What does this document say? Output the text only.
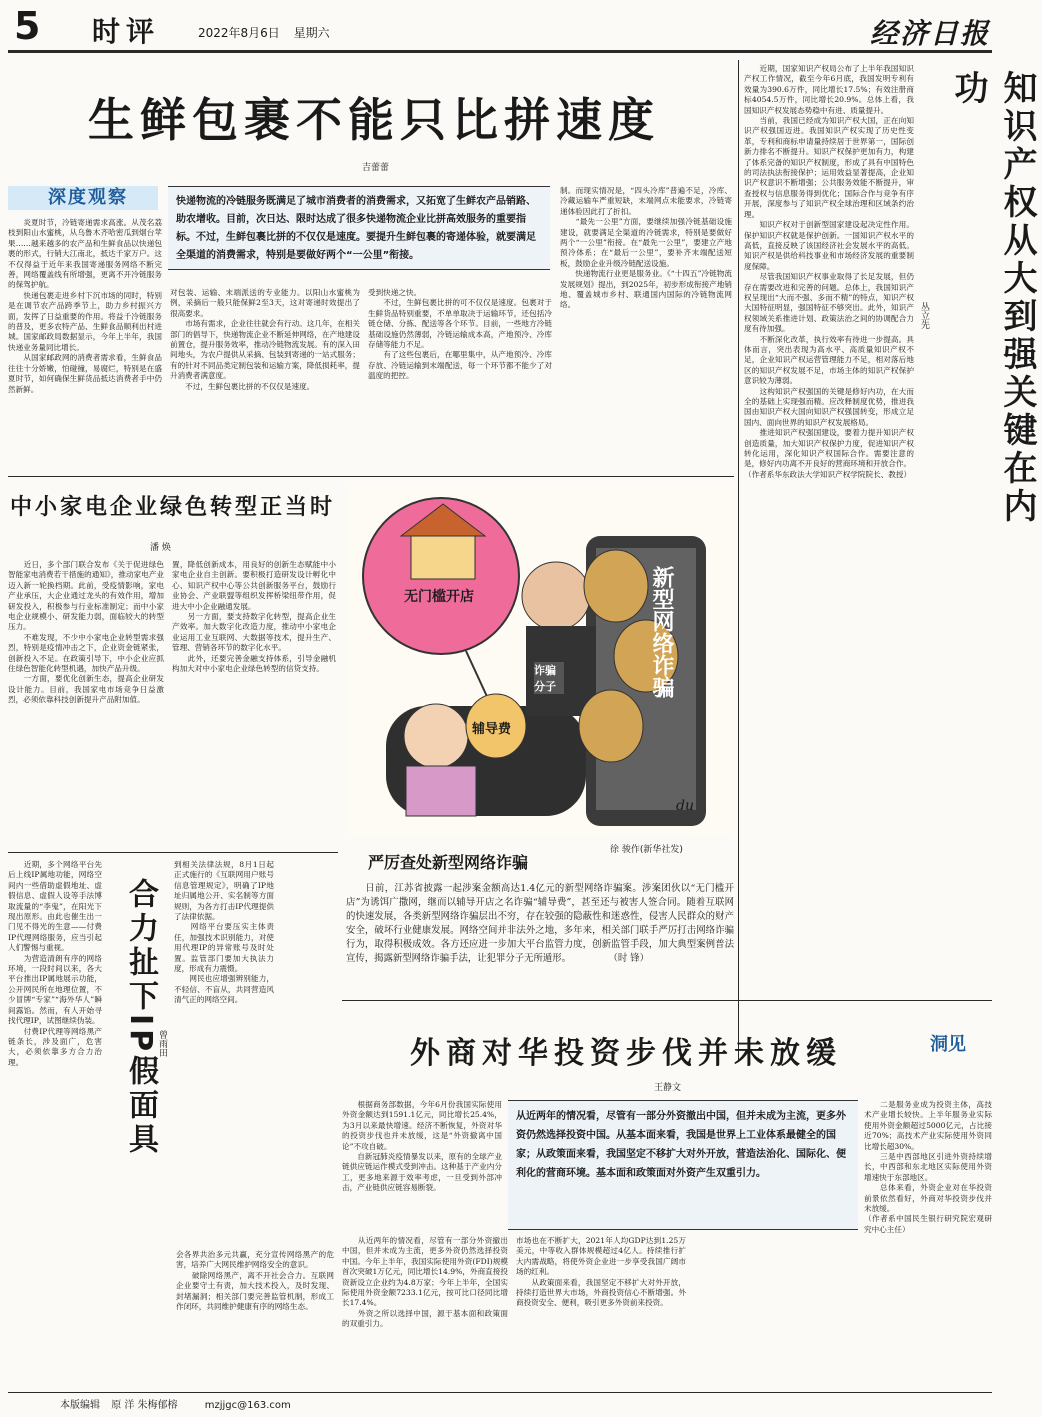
5 时评	2022年8月6日 星期六	经济日报
生鲜包裹不能只比拼速度
吉蕾蕾
深度观察	快递物流的冷链服务既满足了城市消费者的消费需求，又拓宽了生鲜农产品销路、助农增收。目前，次日达、限时达成了很多快递物流企业比拼高效服务的重要指标。不过，生鲜包裹比拼的不仅仅是速度。要提升生鲜包裹的寄递体验，就要满足全渠道的消费需求，特别是要做好两个“一公里”衔接。
　　炎夏时节，冷链寄递需求高涨。从茂名荔枝到阳山水蜜桃，从乌鲁木齐哈密瓜到烟台苹果……越来越多的农产品和生鲜食品以快递包裹的形式，行销大江南北，抵达千家万户。这不仅得益于近年来我国寄递服务网络不断完善，网络覆盖线有所增强，更离不开冷链服务的保驾护航。
　　快递包裹走进乡村下沉市场的同时，特别是在调节农产品跨季节上，助力乡村振兴方面，发挥了日益重要的作用。将益千冷链服务的普及，更多农特产品、生鲜食品顺利出村进城。国家邮政局数据显示，今年上半年，我国快递业务量同比增长。
　　从国家邮政网的消费者需求看，生鲜食品往往十分娇嫩，怕碰撞，易腐烂，特别是在盛夏时节，如何确保生鲜货品抵达消费者手中仍然新鲜。
对包装、运输、末端派送的专业能力。以阳山水蜜桃为例，采摘后一般只能保鲜2至3天，这对寄递时效提出了很高要求。
　　市场有需求，企业往往就会有行动。这几年，在相关部门的倡导下，快递物流企业不断延伸网络，在产地建设前置仓，提升服务效率，推动冷链物流发展。有的深入田间地头，为农户提供从采摘、包装到寄递的一站式服务；有的针对不同品类定制包装和运输方案，降低损耗率，提升消费者满意度。
　　不过，生鲜包裹比拼的不仅仅是速度。
受到快递之快。
　　不过，生鲜包裹比拼的可不仅仅是速度。包裹对于生鲜货品特别重要，不单单取决于运输环节，还包括冷链仓储、分拣、配送等各个环节。目前，一些地方冷链基础设施仍然薄弱，冷链运输成本高，产地预冷、冷库存储等能力不足。
　　有了这些包裹后，在哪里集中，从产地预冷、冷库存放、冷链运输到末端配送，每一个环节都不能少了对温度的把控。
制。而现实情况是，“四头冷库”普遍不足，冷库、冷藏运输车严重短缺，末端网点未能要求，冷链寄递体验因此打了折扣。
　　“最先一公里”方面，要继续加强冷链基础设施建设，就要满足全渠道的冷链需求，特别是要做好两个“一公里”衔接。在“最先一公里”，要建立产地预冷体系；在“最后一公里”，要补齐末端配送短板，鼓励企业升级冷链配送设施。
　　快递物流行业更是服务业。《“十四五”冷链物流发展规划》提出，到2025年，初步形成衔接产地销地、覆盖城市乡村、联通国内国际的冷链物流网络。
　　近期，国家知识产权局公布了上半年我国知识产权工作情况，截至今年6月底，我国发明专利有效量为390.6万件，同比增长17.5%；有效注册商标4054.5万件，同比增长20.9%。总体上看，我国知识产权发展态势稳中有进、质量提升。
　　当前，我国已经成为知识产权大国，正在向知识产权强国迈进。我国知识产权实现了历史性变革，专利和商标申请量持续居于世界第一，国际创新力排名不断提升。知识产权保护更加有力，构建了体系完备的知识产权制度，形成了具有中国特色的司法执法衔接保护；运用效益显著提高，企业知识产权意识不断增强；公共服务效能不断提升，审查授权与信息服务得到优化；国际合作与竞争有序开展，深度参与了知识产权全球治理和区域条约治理。
　　知识产权对于创新型国家建设起决定性作用。保护知识产权就是保护创新。一国知识产权水平的高低，直接反映了该国经济社会发展水平的高低。知识产权是供给科技事业和市场经济发展的重要制度保障。
　　尽管我国知识产权事业取得了长足发展，但仍存在需要改进和完善的问题。总体上，我国知识产权呈现出“大而不强、多而不精”的特点，知识产权大国特征明显，强国特征不够突出。此外，知识产权领域关系推进计划、政策法治之间的协调配合力度有待加强。
　　不断深化改革，执行效率有待进一步提高。具体而言，突出表现为高水平、高质量知识产权不足，企业知识产权运营管理能力不足，相对落后地区的知识产权发展不足，市场主体的知识产权保护意识较为薄弱。
　　这构知识产权强国的关键是修好内功，在大而全的基础上实现强而精。应改释制度优势，推进我国由知识产权大国向知识产权强国转变，形成立足国内、面向世界的知识产权发展格局。
　　推进知识产权强国建设，要着力提升知识产权创造质量，加大知识产权保护力度，促进知识产权转化运用，深化知识产权国际合作。需要注意的是，修好内功离不开良好的营商环境和开放合作。
（作者系华东政法大学知识产权学院院长、教授）	知识产权从大到强关键在内功
丛立先
洞见
中小家电企业绿色转型正当时
潘 焕
　　近日，多个部门联合发布《关于促进绿色智能家电消费若干措施的通知》，推动家电产业迈入新一轮换档期。此前，受疫情影响，家电产业承压，大企业通过龙头的有效作用，增加研发投入，积极参与行业标准制定；而中小家电企业规模小、研发能力弱，面临较大的转型压力。
　　不难发现，不少中小家电企业转型需求强烈，特别是疫情冲击之下，企业资金链紧张，创新投入不足。在政策引导下，中小企业应抓住绿色智能化转型机遇，加快产品升级。
　　一方面，要优化创新生态，提高企业研发设计能力。目前，我国家电市场竞争日益激烈，必须依靠科技创新提升产品附加值。
置，降低创新成本，用良好的创新生态赋能中小家电企业自主创新。要积极打造研发设计孵化中心、知识产权中心等公共创新服务平台，鼓励行业协会、产业联盟等组织发挥桥梁纽带作用，促进大中小企业融通发展。
　　另一方面，要支持数字化转型，提高企业生产效率。加大数字化改造力度，推动中小家电企业运用工业互联网、大数据等技术，提升生产、管理、营销各环节的数字化水平。
　　此外，还要完善金融支持体系，引导金融机构加大对中小家电企业绿色转型的信贷支持。
无门槛开店
辅导费
诈骗分子	新型网络诈骗
du
严厉查处新型网络诈骗
徐 骏作(新华社发)
　　日前，江苏省披露一起涉案金额高达1.4亿元的新型网络诈骗案。涉案团伙以“无门槛开店”为诱饵广撒网，继而以辅导开店之名诈骗“辅导费”，甚至还与被害人签合同。随着互联网的快速发展，各类新型网络诈骗层出不穷，存在较强的隐蔽性和迷惑性，侵害人民群众的财产安全，破坏行业健康发展。网络空间并非法外之地，多年来，相关部门联手严厉打击网络诈骗行为，取得积极成效。各方还应进一步加大平台监管力度，创新监管手段，加大典型案例普法宣传，揭露新型网络诈骗手法，让犯罪分子无所遁形。　　　　　（时 锋）
　　近期，多个网络平台先后上线IP属地功能，网络空间内一些借助虚假地址、虚假信息、虚假人设等手法博取流量的“李鬼”，在阳光下现出原形。由此也催生出一门见不得光的生意——付费IP代理网络服务，应当引起人们警惕与重视。
　　为营造清朗有序的网络环境，一段时间以来，各大平台推出IP属地展示功能，公开网民所在地理位置，不少冒牌“专家”“海外华人”瞬间露馅。然而，有人开始寻找代理IP，试图继续伪装。
　　付费IP代理等网络黑产链条长，涉及面广，危害大，必须依靠多方合力治理。	合力扯下IP假面具 曾雨田
到相关法律法规，8月1日起正式施行的《互联网用户账号信息管理规定》，明确了IP地址归属地公开、实名制等方面规则，为各方打击IP代理提供了法律依据。
　　网络平台要压实主体责任，加强技术识别能力，对使用代理IP的异常账号及时处置。监管部门要加大执法力度，形成有力震慑。
　　网民也应增强辨别能力，不轻信、不盲从，共同营造风清气正的网络空间。
会各界共治多元共赢，充分宣传网络黑产的危害，培养广大网民维护网络安全的意识。
　　破除网络黑产，离不开社会合力。互联网企业要守土有责，加大技术投入，及时发现、封堵漏洞；相关部门要完善监管机制，形成工作闭环，共同维护健康有序的网络生态。
外商对华投资步伐并未放缓
王静文
从近两年的情况看，尽管有一部分外资撤出中国，但并未成为主流，更多外资仍然选择投资中国。从基本面来看，我国是世界上工业体系最健全的国家；从政策面来看，我国坚定不移扩大对外开放，营造法治化、国际化、便利化的营商环境。基本面和政策面对外资产生双重引力。
　　根据商务部数据，今年6月份我国实际使用外资金额达到1591.1亿元，同比增长25.4%，为3月以来最快增速。经济不断恢复，外资对华的投资步伐也并未放缓，这是“外资撤离中国论”不攻自破。
　　自新冠肺炎疫情暴发以来，原有的全球产业链供应链运作模式受到冲击。这种基于产业内分工，更多地来源于效率考虑，一旦受到外部冲击，产业链供应链容易断裂。
　　从近两年的情况看，尽管有一部分外资撤出中国，但并未成为主流，更多外资仍然选择投资中国。今年上半年，我国实际使用外资(FDI)规模首次突破1万亿元，同比增长14.9%，外商直接投资新设立企业约为4.8万家；今年上半年，全国实际使用外资金额7233.1亿元，按可比口径同比增长17.4%。
　　外资之所以选择中国，源于基本面和政策面的双重引力。
市场也在不断扩大，2021年人均GDP达到1.25万美元，中等收入群体规模超过4亿人。持续推行扩大内需战略，将使外资企业进一步享受我国广阔市场的红利。
　　从政策面来看，我国坚定不移扩大对外开放，持续打造世界大市场，外商投资信心不断增强。外商投资安全、便利，吸引更多外资前来投资。
　　二是服务业成为投资主体，高技术产业增长较快。上半年服务业实际使用外资金额超过5000亿元，占比接近70%；高技术产业实际使用外资同比增长超30%。
　　三是中西部地区引进外资持续增长，中西部和东北地区实际使用外资增速快于东部地区。
　　总体来看，外资企业对在华投资前景依然看好，外商对华投资步伐并未放缓。
（作者系中国民生银行研究院宏观研究中心主任）
本版编辑 原 洋 朱梅郁榕	mzjjgc@163.com
